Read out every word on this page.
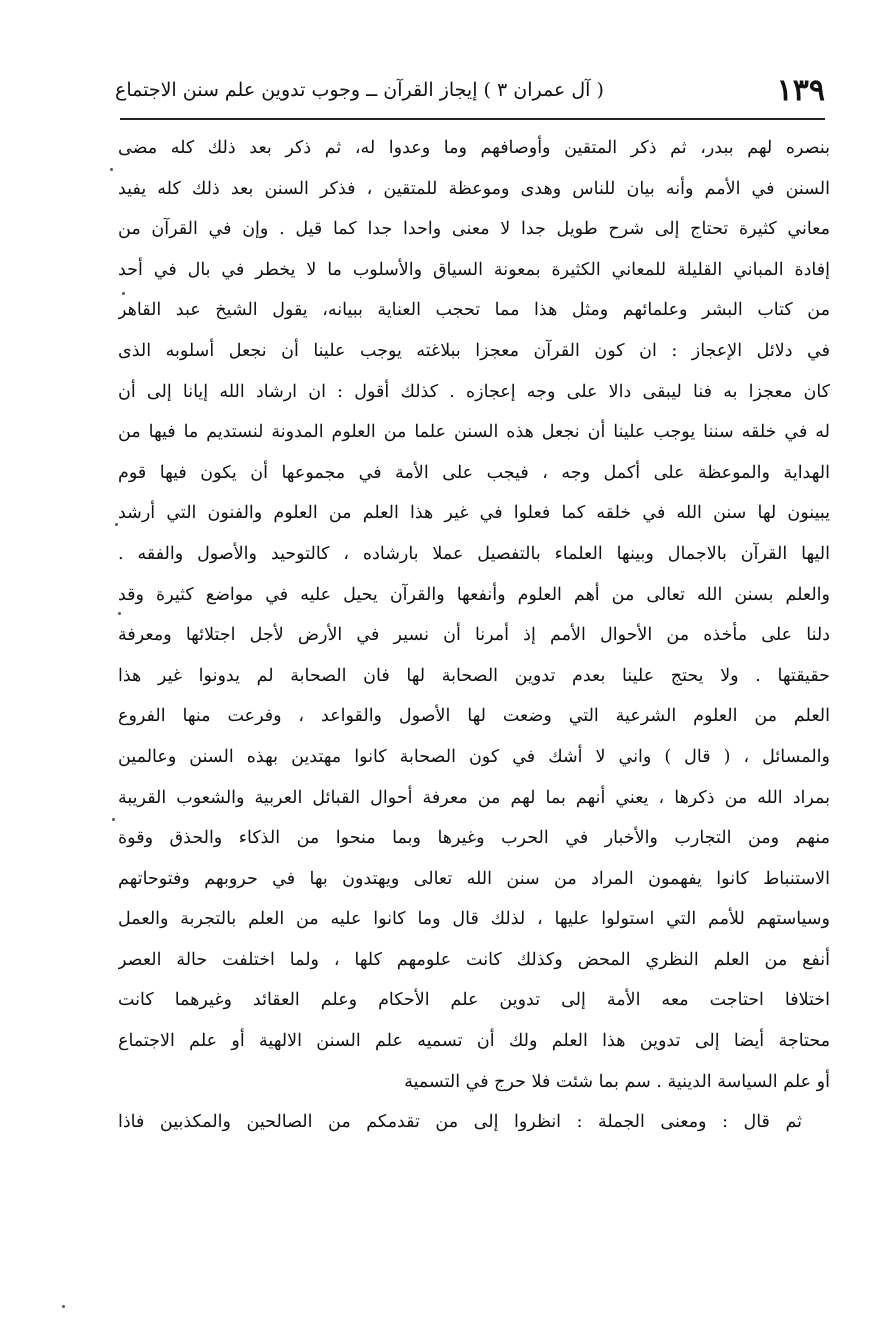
١٣٩
( آل عمران ٣ ) إيجاز القرآن ــ وجوب تدوين علم سنن الاجتماع
بنصره لهم ببدر، ثم ذكر المتقين وأوصافهم وما وعدوا له، ثم ذكر بعد ذلك كله مضى
السنن في الأمم وأنه بيان للناس وهدى وموعظة للمتقين ، فذكر السنن بعد ذلك كله يفيد
معاني كثيرة تحتاج إلى شرح طويل جدا لا معنى واحدا جدا كما قيل . وإن في القرآن من
إفادة المباني القليلة للمعاني الكثيرة بمعونة السياق والأسلوب ما لا يخطر في بال في أحد
من كتاب البشر وعلمائهم ومثل هذا مما تحجب العناية ببيانه، يقول الشيخ عبد القاهر
في دلائل الإعجاز : ان كون القرآن معجزا ببلاغته يوجب علينا أن نجعل أسلوبه الذى
كان معجزا به فنا ليبقى دالا على وجه إعجازه . كذلك أقول : ان ارشاد الله إيانا إلى أن
له في خلقه سننا يوجب علينا أن نجعل هذه السنن علما من العلوم المدونة لنستديم ما فيها من
الهداية والموعظة على أكمل وجه ، فيجب على الأمة في مجموعها أن يكون فيها قوم
يبينون لها سنن الله في خلقه كما فعلوا في غير هذا العلم من العلوم والفنون التي أرشد
اليها القرآن بالاجمال وبينها العلماء بالتفصيل عملا بارشاده ، كالتوحيد والأصول والفقه .
والعلم بسنن الله تعالى من أهم العلوم وأنفعها والقرآن يحيل عليه في مواضع كثيرة وقد
دلنا على مأخذه من الأحوال الأمم إذ أمرنا أن نسير في الأرض لأجل اجتلائها ومعرفة
حقيقتها . ولا يحتج علينا بعدم تدوين الصحابة لها فان الصحابة لم يدونوا غير هذا
العلم من العلوم الشرعية التي وضعت لها الأصول والقواعد ، وفرعت منها الفروع
والمسائل ، ( قال ) واني لا أشك في كون الصحابة كانوا مهتدين بهذه السنن وعالمين
بمراد الله من ذكرها ، يعني أنهم بما لهم من معرفة أحوال القبائل العربية والشعوب القريبة
منهم ومن التجارب والأخبار في الحرب وغيرها وبما منحوا من الذكاء والحذق وقوة
الاستنباط كانوا يفهمون المراد من سنن الله تعالى ويهتدون بها في حروبهم وفتوحاتهم
وسياستهم للأمم التي استولوا عليها ، لذلك قال وما كانوا عليه من العلم بالتجربة والعمل
أنفع من العلم النظري المحض وكذلك كانت علومهم كلها ، ولما اختلفت حالة العصر
اختلافا احتاجت معه الأمة إلى تدوين علم الأحكام وعلم العقائد وغيرهما كانت
محتاجة أيضا إلى تدوين هذا العلم ولك أن تسميه علم السنن الالهية أو علم الاجتماع
أو علم السياسة الدينية . سم بما شئت فلا حرج في التسمية
ثم قال : ومعنى الجملة : انظروا إلى من تقدمكم من الصالحين والمكذبين فاذا
